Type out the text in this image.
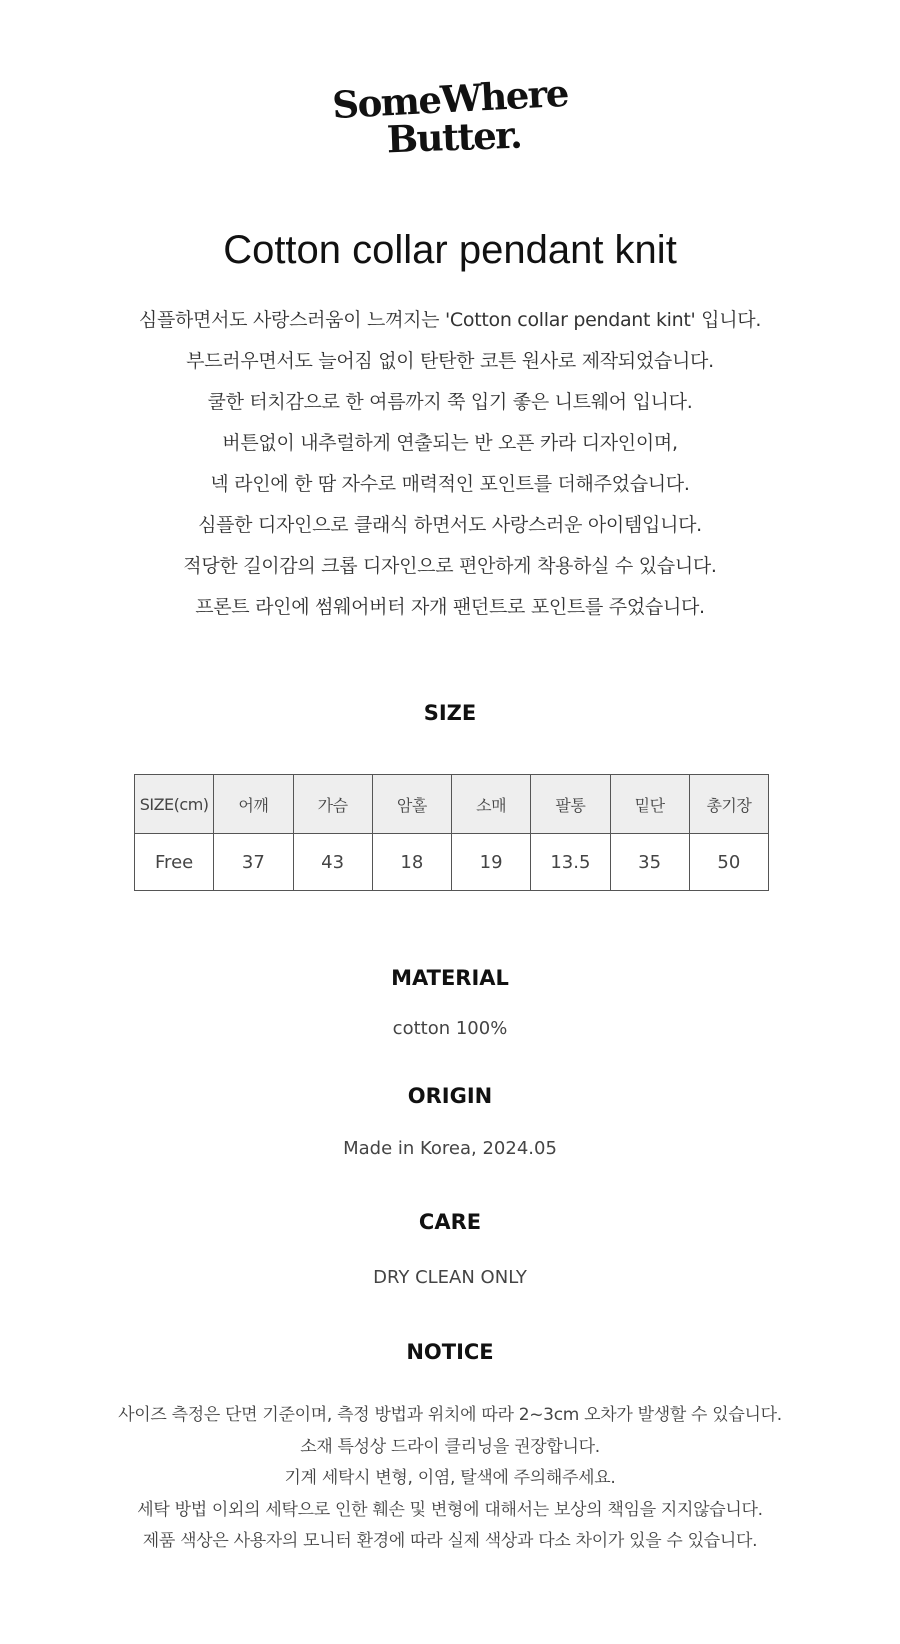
SomeWhere
Butter.
Cotton collar pendant knit
심플하면서도 사랑스러움이 느껴지는 'Cotton collar pendant kint' 입니다.
부드러우면서도 늘어짐 없이 탄탄한 코튼 원사로 제작되었습니다.
쿨한 터치감으로 한 여름까지 쭉 입기 좋은 니트웨어 입니다.
버튼없이 내추럴하게 연출되는 반 오픈 카라 디자인이며,
넥 라인에 한 땀 자수로 매력적인 포인트를 더해주었습니다.
심플한 디자인으로 클래식 하면서도 사랑스러운 아이템입니다.
적당한 길이감의 크롭 디자인으로 편안하게 착용하실 수 있습니다.
프론트 라인에 썸웨어버터 자개 팬던트로 포인트를 주었습니다.
SIZE
SIZE(cm)	어깨	가슴	암홀	소매	팔통	밑단	총기장
Free	37	43	18	19	13.5	35	50
MATERIAL
cotton 100%
ORIGIN
Made in Korea, 2024.05
CARE
DRY CLEAN ONLY
NOTICE
사이즈 측정은 단면 기준이며, 측정 방법과 위치에 따라 2~3cm 오차가 발생할 수 있습니다.
소재 특성상 드라이 클리닝을 권장합니다.
기계 세탁시 변형, 이염, 탈색에 주의해주세요.
세탁 방법 이외의 세탁으로 인한 훼손 및 변형에 대해서는 보상의 책임을 지지않습니다.
제품 색상은 사용자의 모니터 환경에 따라 실제 색상과 다소 차이가 있을 수 있습니다.
